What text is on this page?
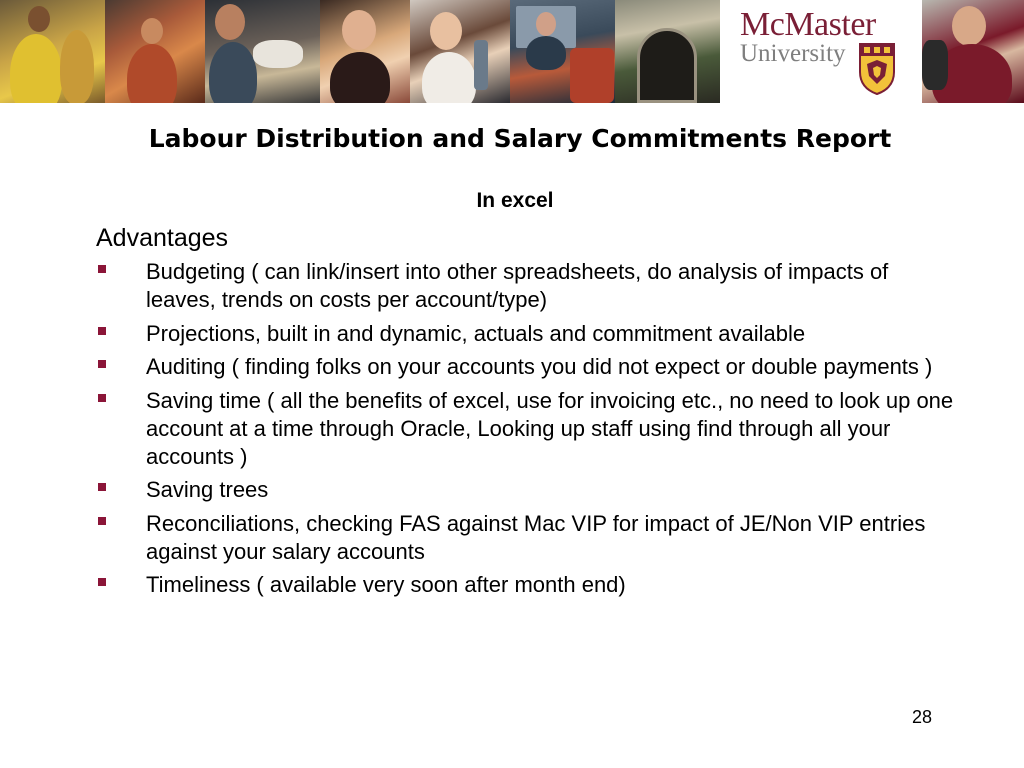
McMaster
University
Labour Distribution and Salary Commitments Report
In excel
Advantages
Budgeting ( can link/insert into other spreadsheets, do analysis of impacts of leaves, trends on costs per account/type)
Projections, built in and dynamic, actuals and commitment available
Auditing ( finding folks on your accounts you did not expect or double payments )
Saving time ( all the benefits of excel, use for invoicing etc., no need to look up one account at a time through Oracle, Looking up staff using find through all your accounts )
Saving trees
Reconciliations, checking FAS against Mac VIP for impact of JE/Non VIP entries against your salary accounts
Timeliness ( available very soon after month end)
28
